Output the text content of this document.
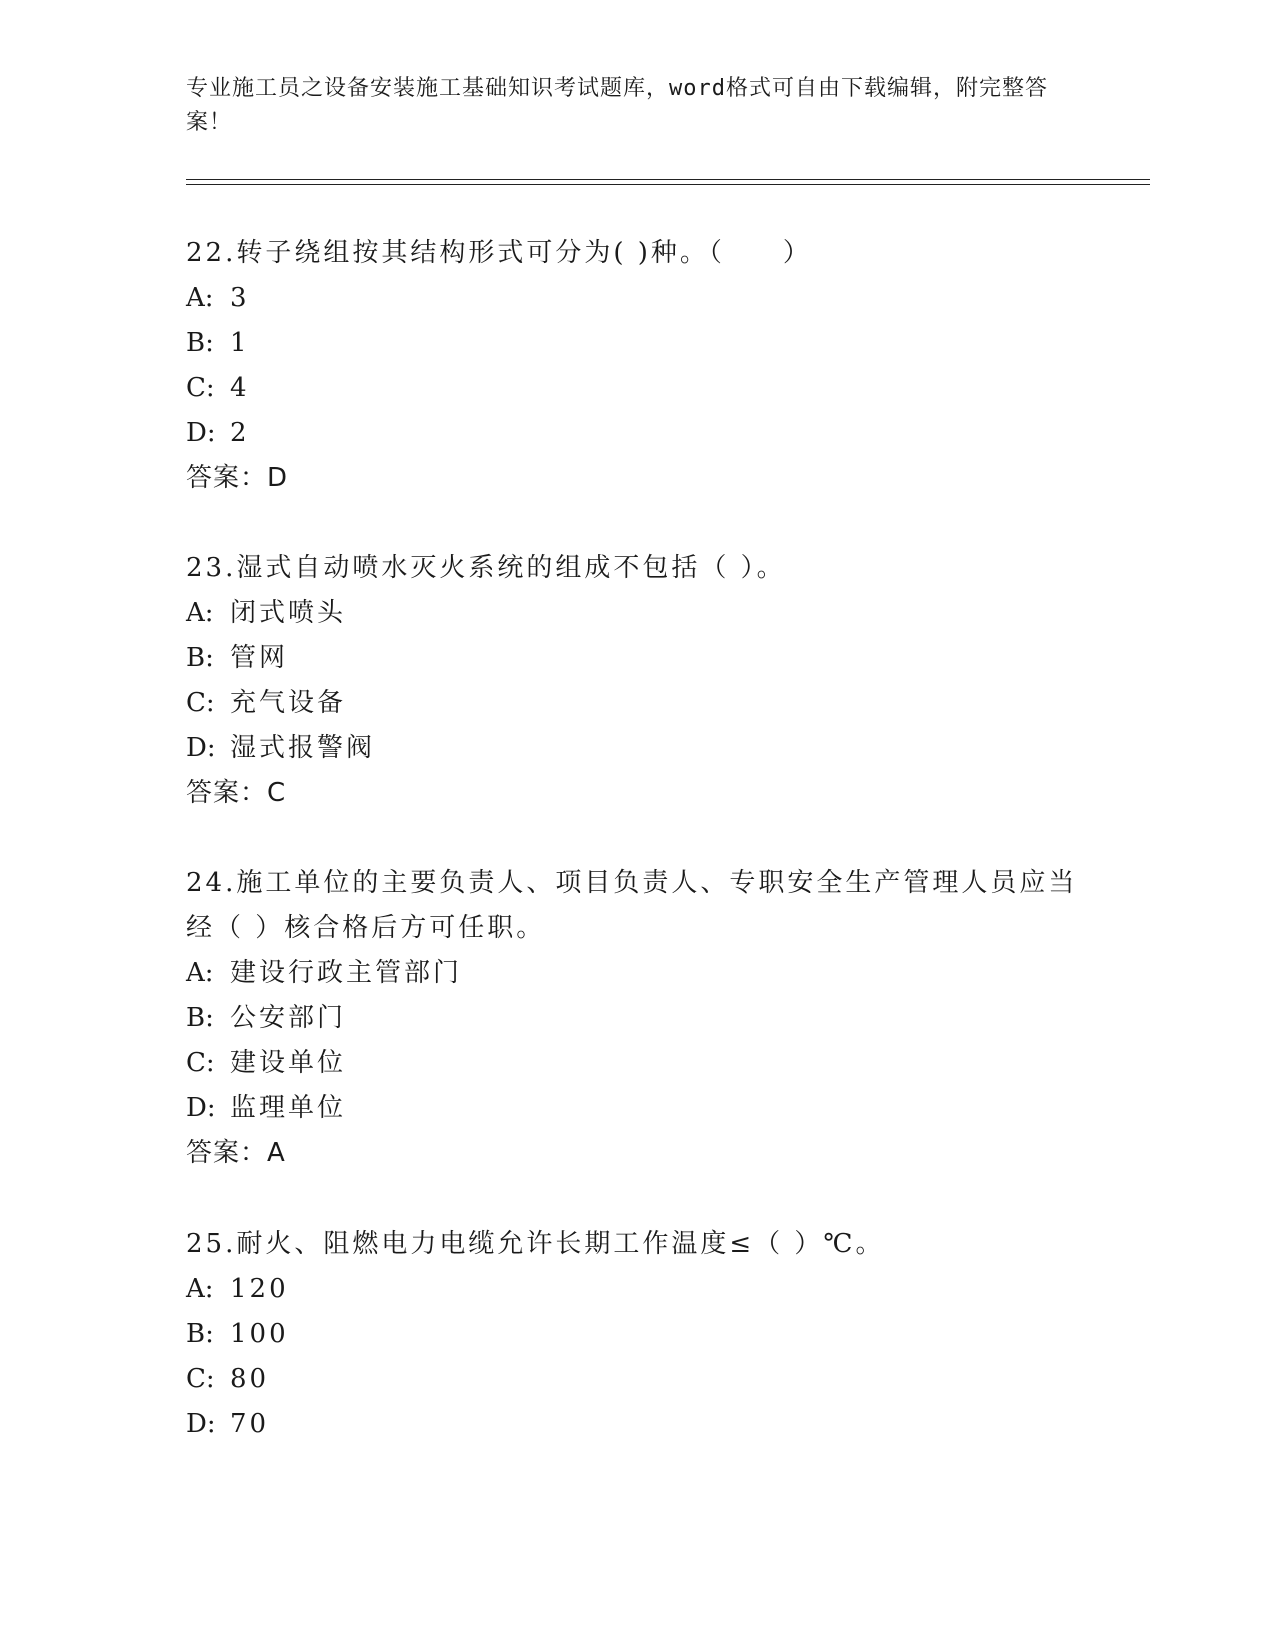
专业施工员之设备安装施工基础知识考试题库，word格式可自由下载编辑，附完整答案！

22.转子绕组按其结构形式可分为( )种。（　　）

A: 3

B: 1

C: 4

D: 2

答案：D

23.湿式自动喷水灭火系统的组成不包括（ ）。

A: 闭式喷头

B: 管网

C: 充气设备

D: 湿式报警阀

答案：C

24.施工单位的主要负责人、项目负责人、专职安全生产管理人员应当经（ ）核合格后方可任职。

A: 建设行政主管部门

B: 公安部门

C: 建设单位

D: 监理单位

答案：A

25.耐火、阻燃电力电缆允许长期工作温度≤（ ）℃。

A: 120

B: 100

C: 80

D: 70
